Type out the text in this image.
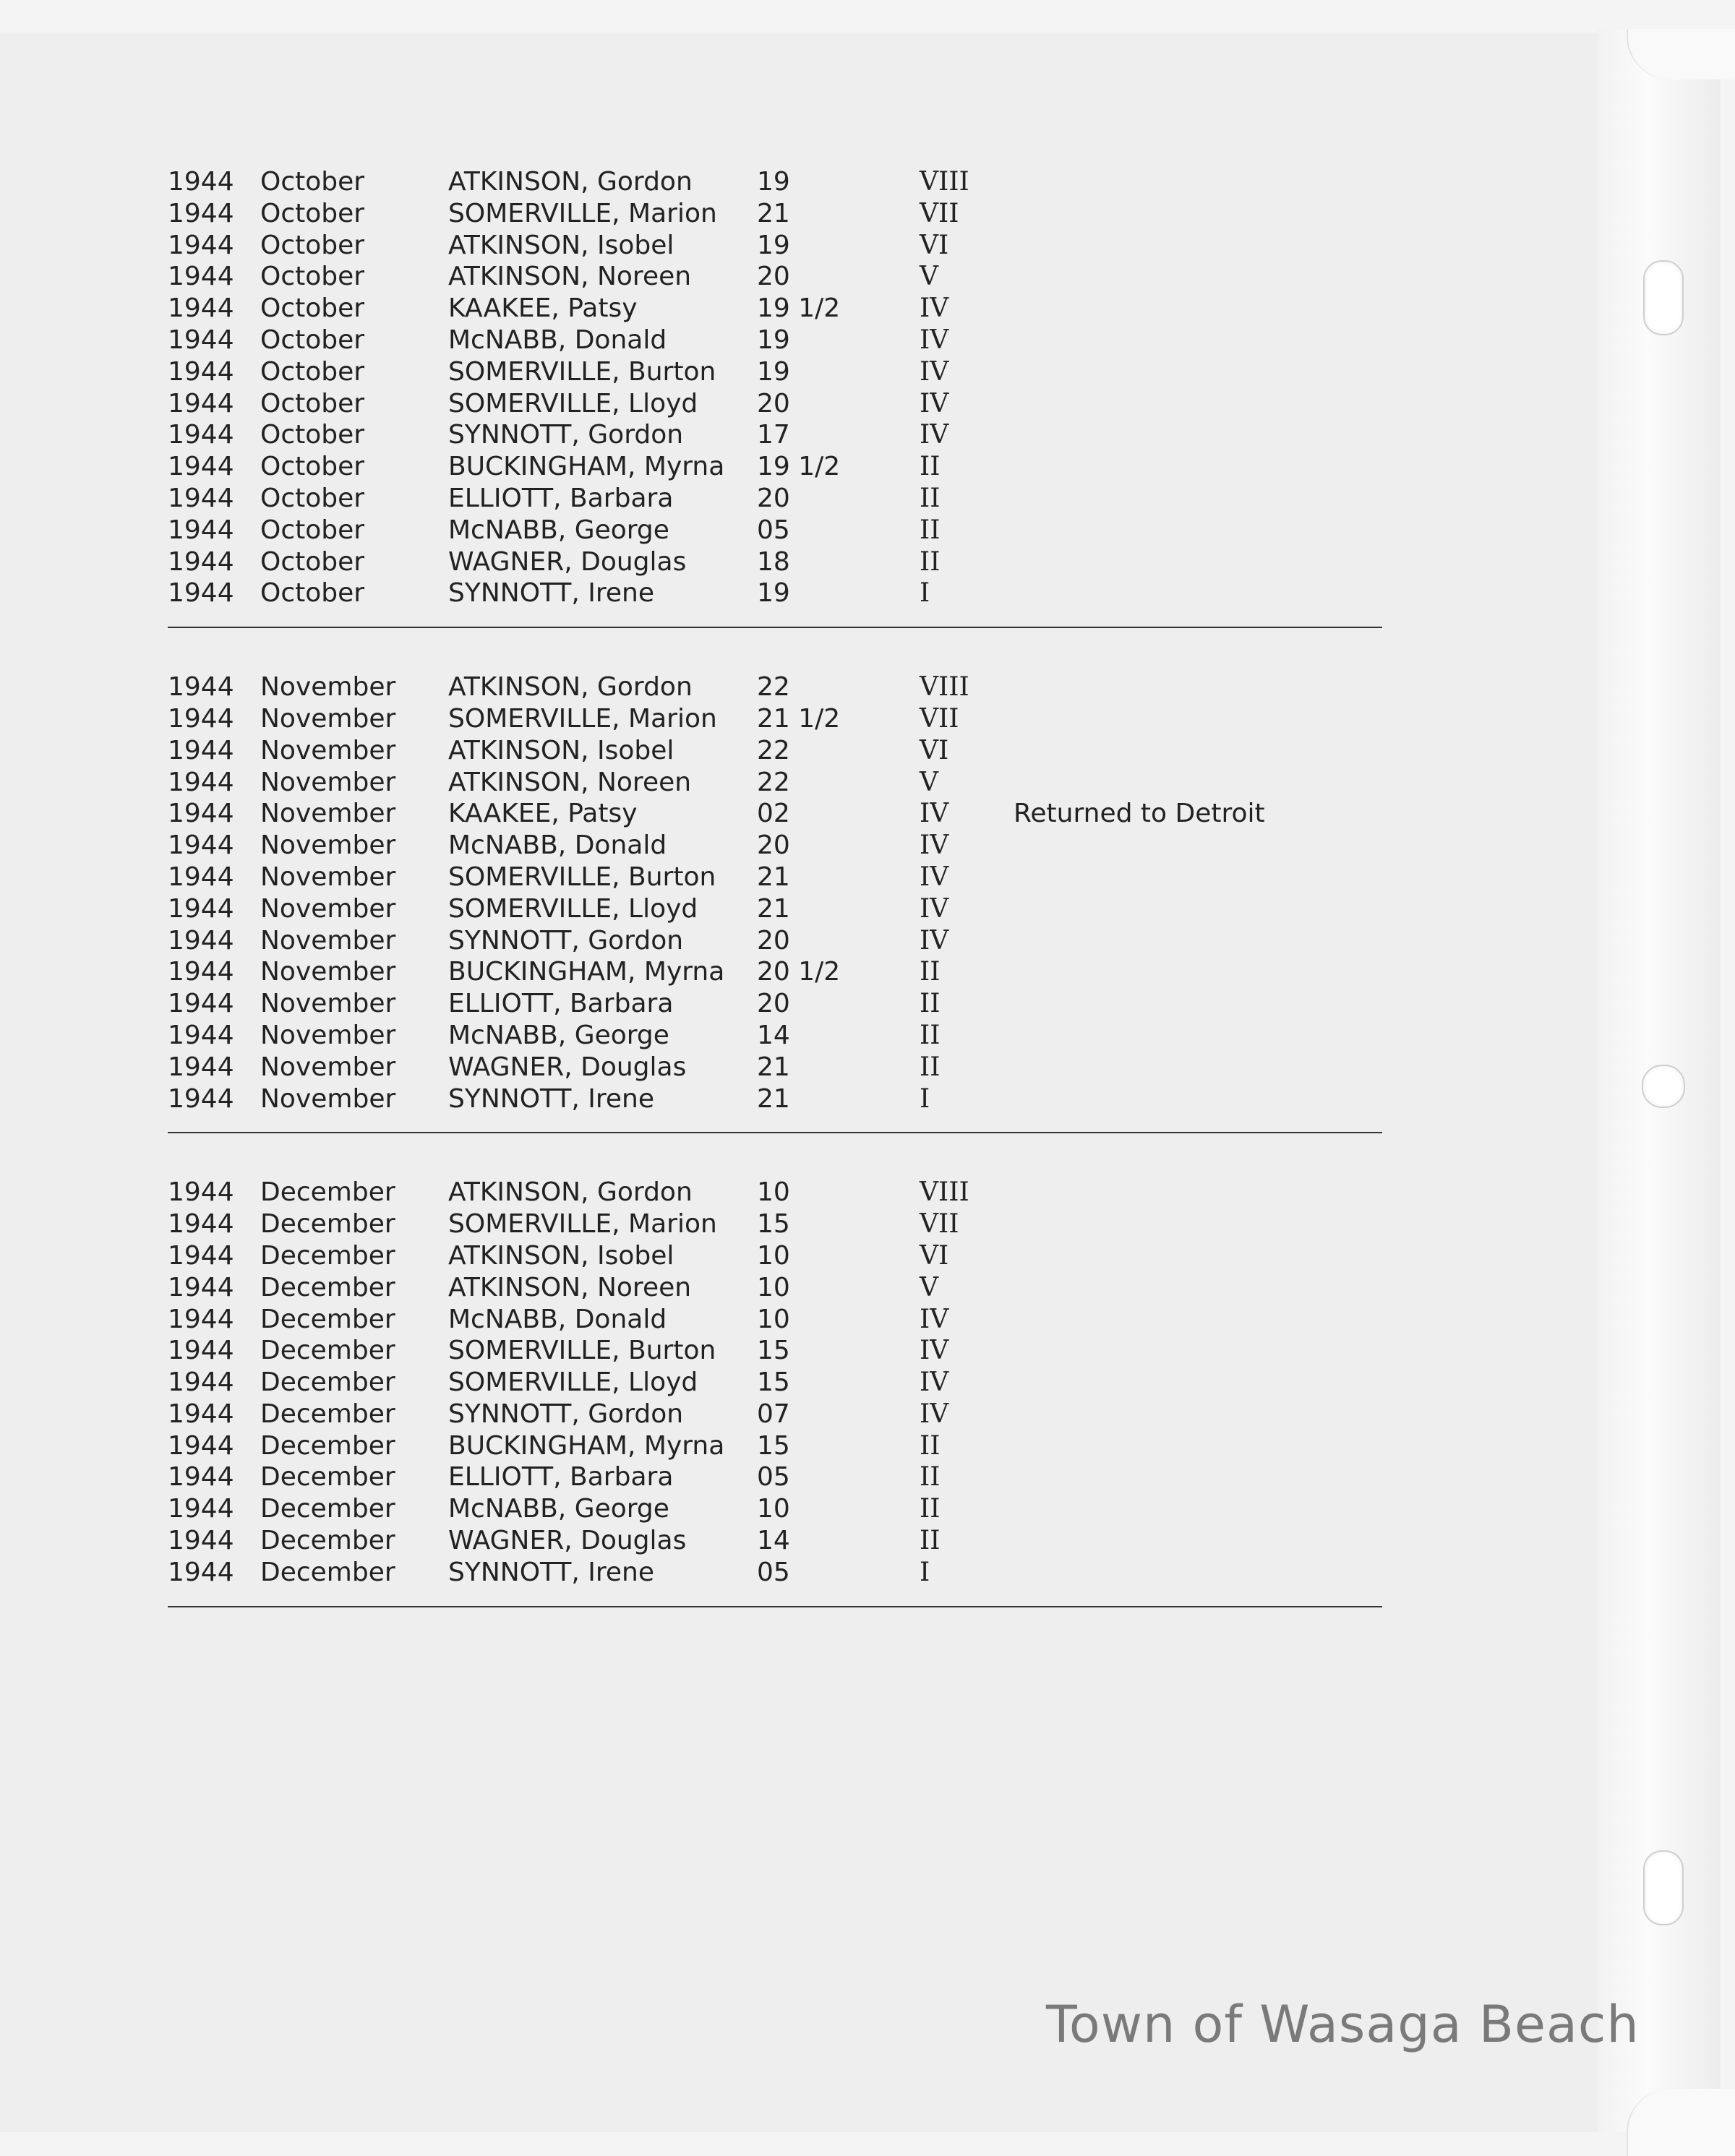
1944 October	ATKINSON, Gordon 19	VIII
1944 October	SOMERVILLE, Marion 21	VII
1944 October	ATKINSON, Isobel	19	VI
1944 October	ATKINSON, Noreen	20	V
1944 October	KAAKEE, Patsy	19 1/2	IV
1944 October	McNABB, Donald	19	IV
1944 October	SOMERVILLE, Burton 19	IV
1944 October	SOMERVILLE, Lloyd 20	IV
1944 October	SYNNOTT, Gordon	17	IV
1944 October	BUCKINGHAM, Myrna 19 1/2	II
1944 October	ELLIOTT, Barbara	20	II
1944 October	McNABB, George	05	II
1944 October	WAGNER, Douglas	18	II
1944 October	SYNNOTT, Irene	19	I
1944 November ATKINSON, Gordon 22	VIII
1944 November SOMERVILLE, Marion 21 1/2	VII
1944 November ATKINSON, Isobel	22	VI
1944 November ATKINSON, Noreen	22	V
1944 November KAAKEE, Patsy	02	IV Returned to Detroit
1944 November McNABB, Donald	20	IV
1944 November SOMERVILLE, Burton 21	IV
1944 November SOMERVILLE, Lloyd 21	IV
1944 November SYNNOTT, Gordon	20	IV
1944 November BUCKINGHAM, Myrna 20 1/2	II
1944 November ELLIOTT, Barbara	20	II
1944 November McNABB, George	14	II
1944 November WAGNER, Douglas	21	II
1944 November SYNNOTT, Irene	21	I
1944 December ATKINSON, Gordon 10	VIII
1944 December SOMERVILLE, Marion 15	VII
1944 December ATKINSON, Isobel	10	VI
1944 December ATKINSON, Noreen	10	V
1944 December McNABB, Donald	10	IV
1944 December SOMERVILLE, Burton 15	IV
1944 December SOMERVILLE, Lloyd 15	IV
1944 December SYNNOTT, Gordon	07	IV
1944 December BUCKINGHAM, Myrna 15	II
1944 December ELLIOTT, Barbara	05	II
1944 December McNABB, George	10	II
1944 December WAGNER, Douglas	14	II
1944 December SYNNOTT, Irene	05	I
Town of Wasaga Beach
